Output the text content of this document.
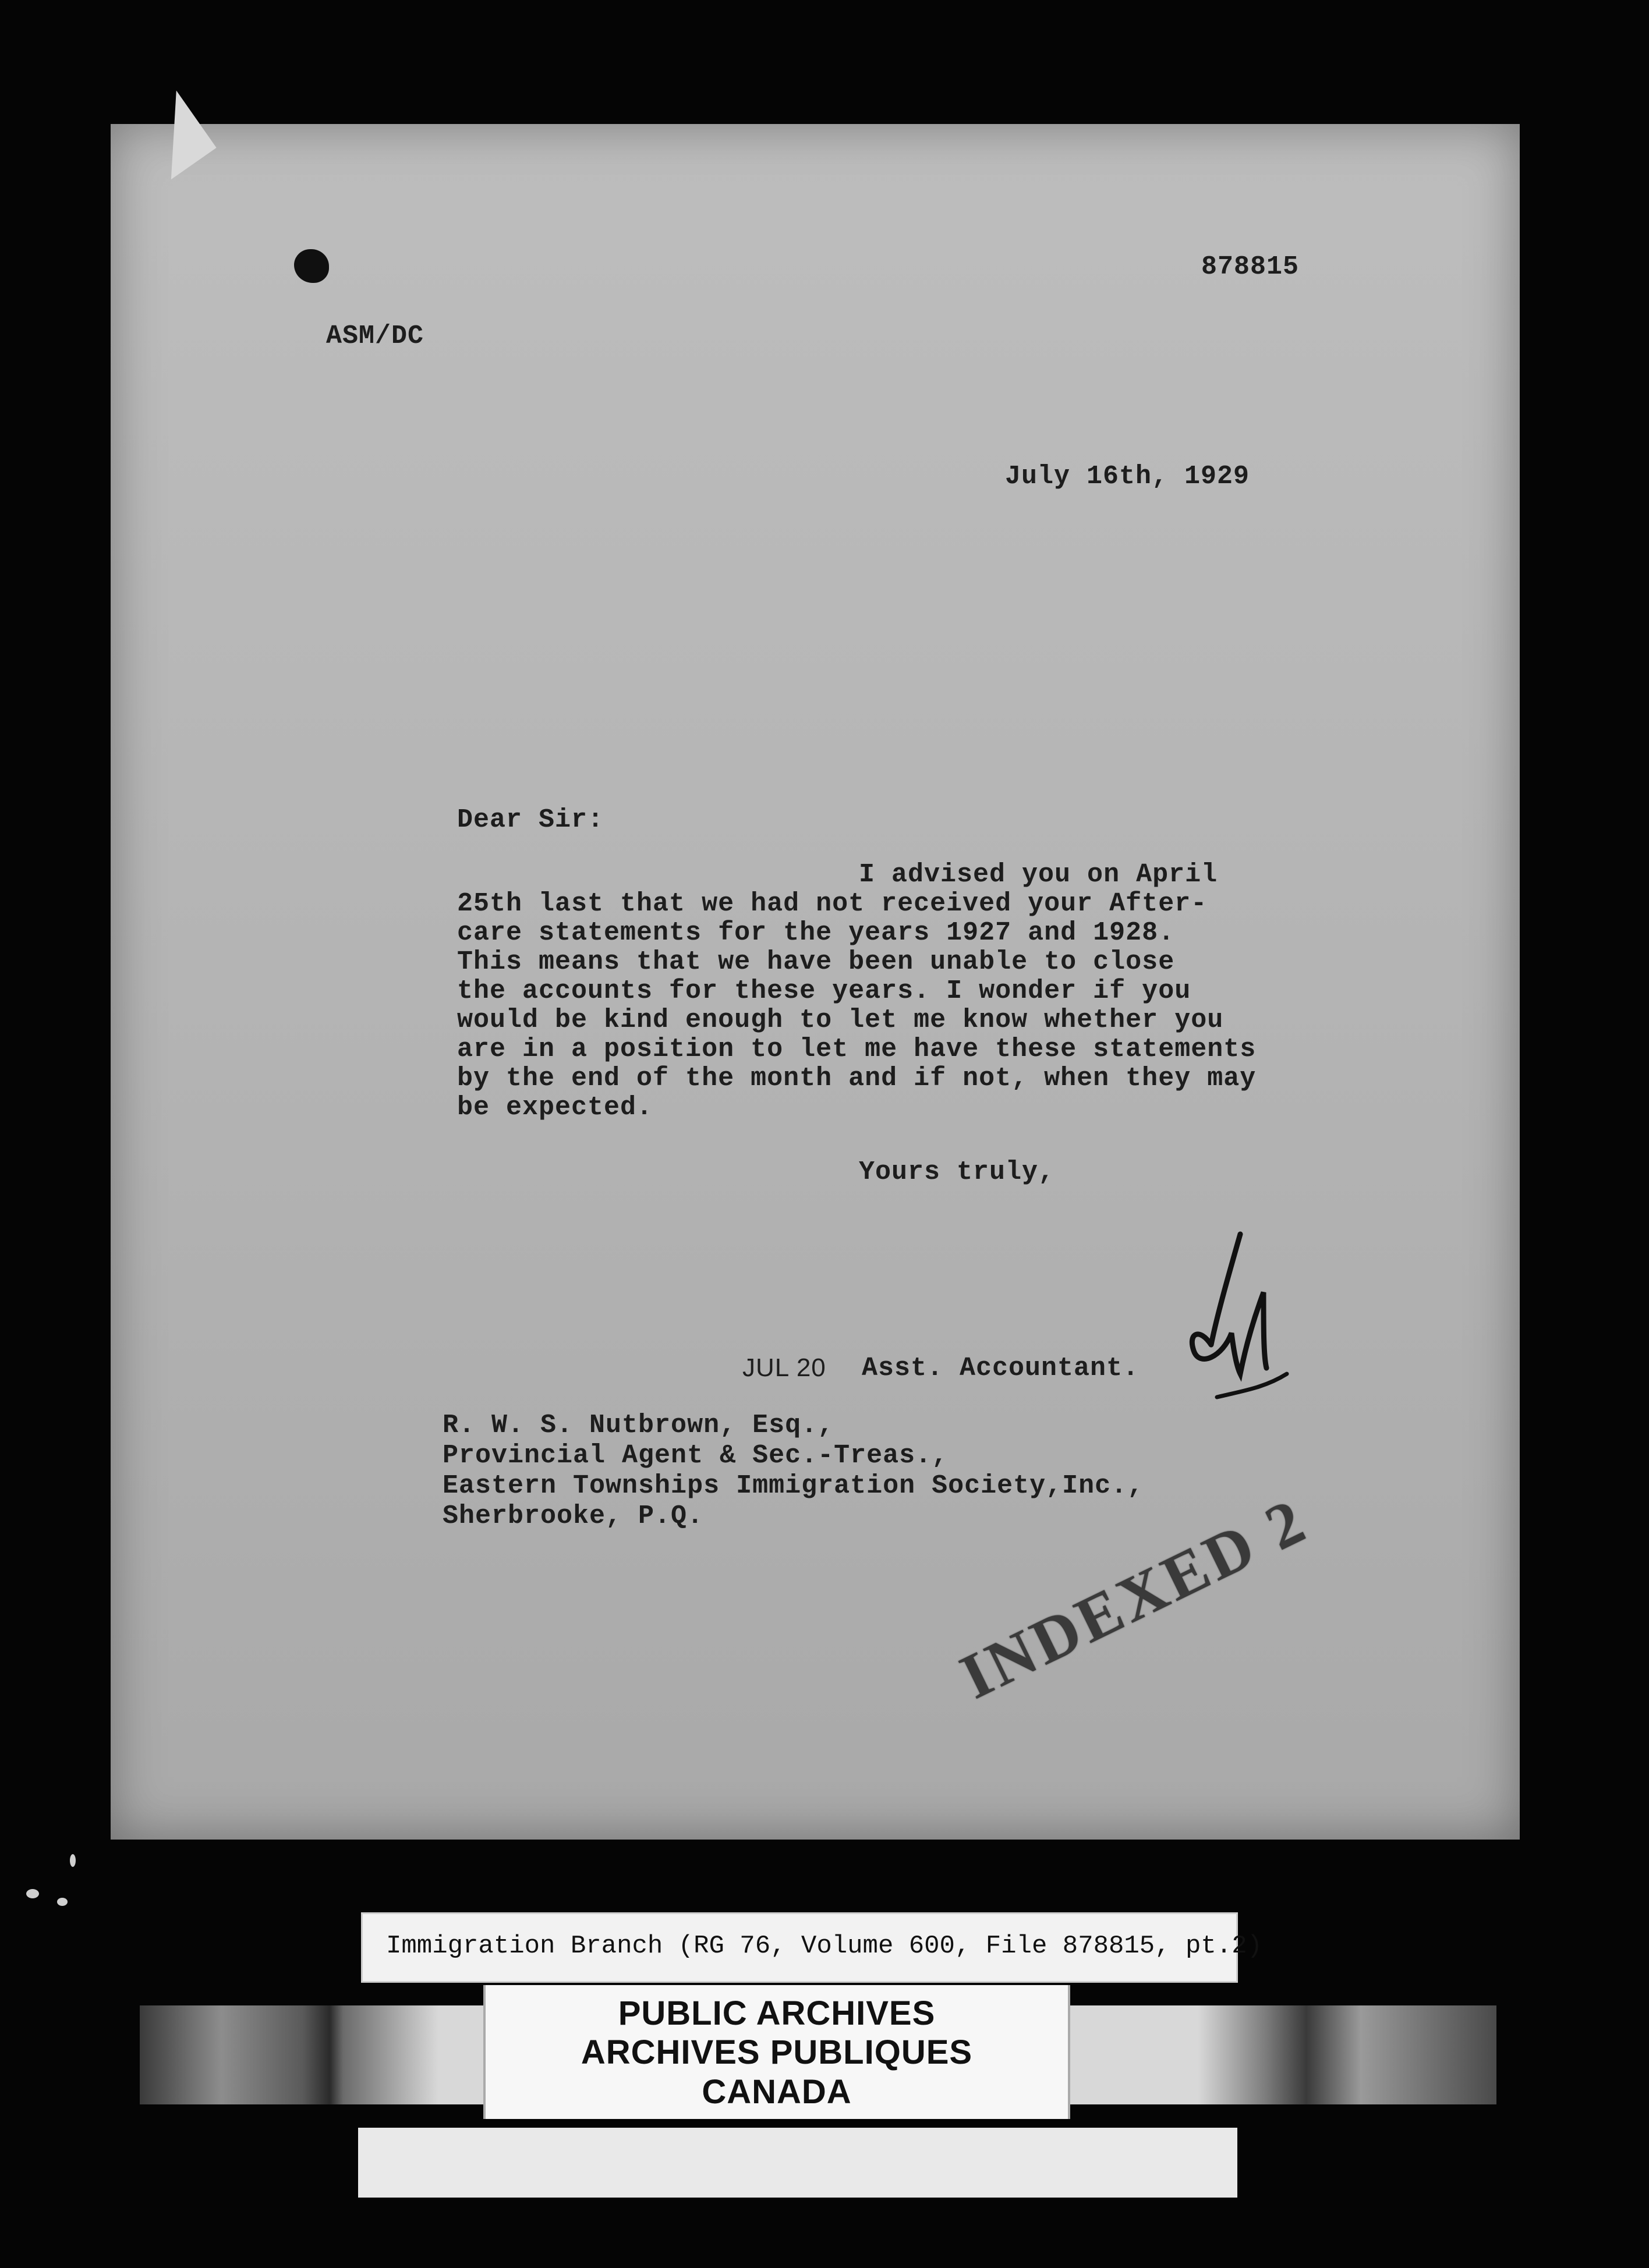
878815
ASM/DC
July 16th, 1929
Dear Sir:
I advised you on April
25th last that we had not received your After-
care statements for the years 1927 and 1928.
This means that we have been unable to close
the accounts for these years. I wonder if you
would be kind enough to let me know whether you
are in a position to let me have these statements
by the end of the month and if not, when they may
be expected.
Yours truly,
JUL 20 Asst. Accountant.
R. W. S. Nutbrown, Esq.,
Provincial Agent & Sec.-Treas.,
Eastern Townships Immigration Society,Inc.,
Sherbrooke, P.Q.	INDEXED 2
Immigration Branch (RG 76, Volume 600, File 878815, pt.2)
PUBLIC ARCHIVES
ARCHIVES PUBLIQUES
CANADA
